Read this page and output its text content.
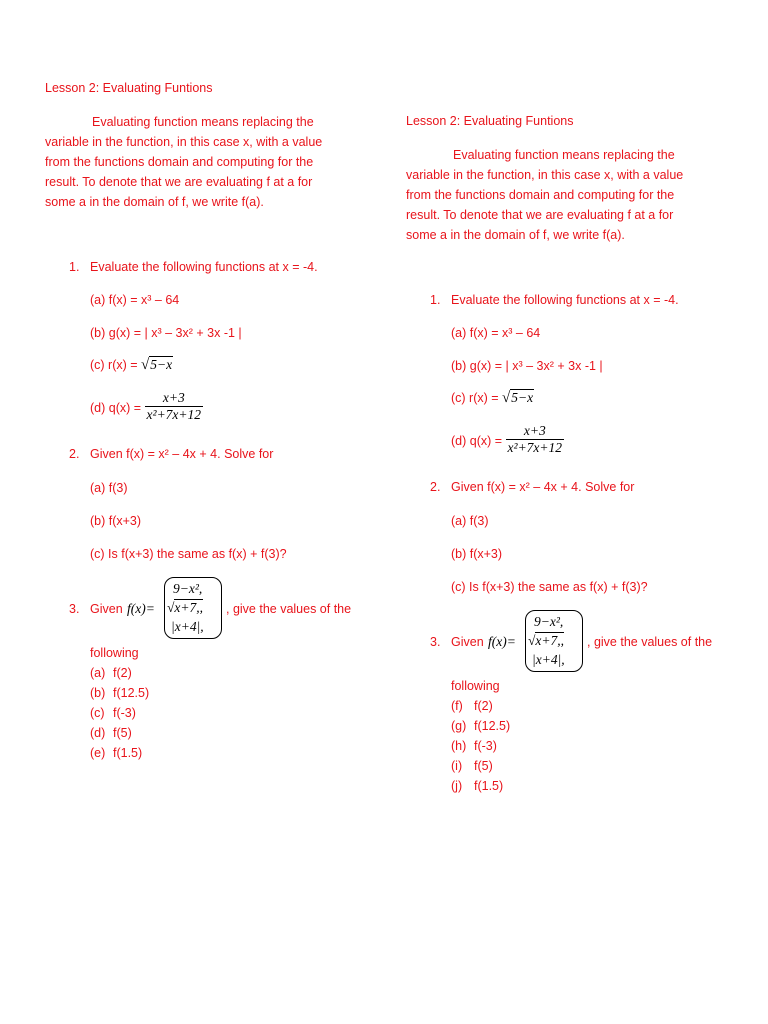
Lesson 2: Evaluating Funtions
Evaluating function means replacing the variable in the function, in this case x, with a value from the functions domain and computing for the result. To denote that we are evaluating f at a for some a in the domain of f, we write f(a).
1. Evaluate the following functions at x = -4.
(a) f(x) = x³ – 64
(b) g(x) = | x³ – 3x² + 3x -1 |
(c) r(x) = √5−x
(d) $q(x) = \frac{x+3}{\text{x²+7x+12}}$
2. Given f(x) = x² – 4x + 4. Solve for
(a) f(3)
(b) f(x+3)
(c) Is f(x+3) the same as f(x) + f(3)?
3. Given f(x)=
9−x²,
√x+7,,
|x+4|,
, give the values of the
following
(a) f(2)
(b) f(12.5)
(c) f(-3)
(d) f(5)
(e) f(1.5)
Lesson 2: Evaluating Funtions
Evaluating function means replacing the variable in the function, in this case x, with a value from the functions domain and computing for the result. To denote that we are evaluating f at a for some a in the domain of f, we write f(a).
1. Evaluate the following functions at x = -4.
(a) f(x) = x³ – 64
(b) g(x) = | x³ – 3x² + 3x -1 |
(c) r(x) = √5−x
(d) $q(x) = \frac{x+3}{\text{x²+7x+12}}$
2. Given f(x) = x² – 4x + 4. Solve for
(a) f(3)
(b) f(x+3)
(c) Is f(x+3) the same as f(x) + f(3)?
3. Given f(x)=
9−x²,
√x+7,,
|x+4|,
, give the values of the
following
(f) f(2)
(g) f(12.5)
(h) f(-3)
(i) f(5)
(j) f(1.5)
